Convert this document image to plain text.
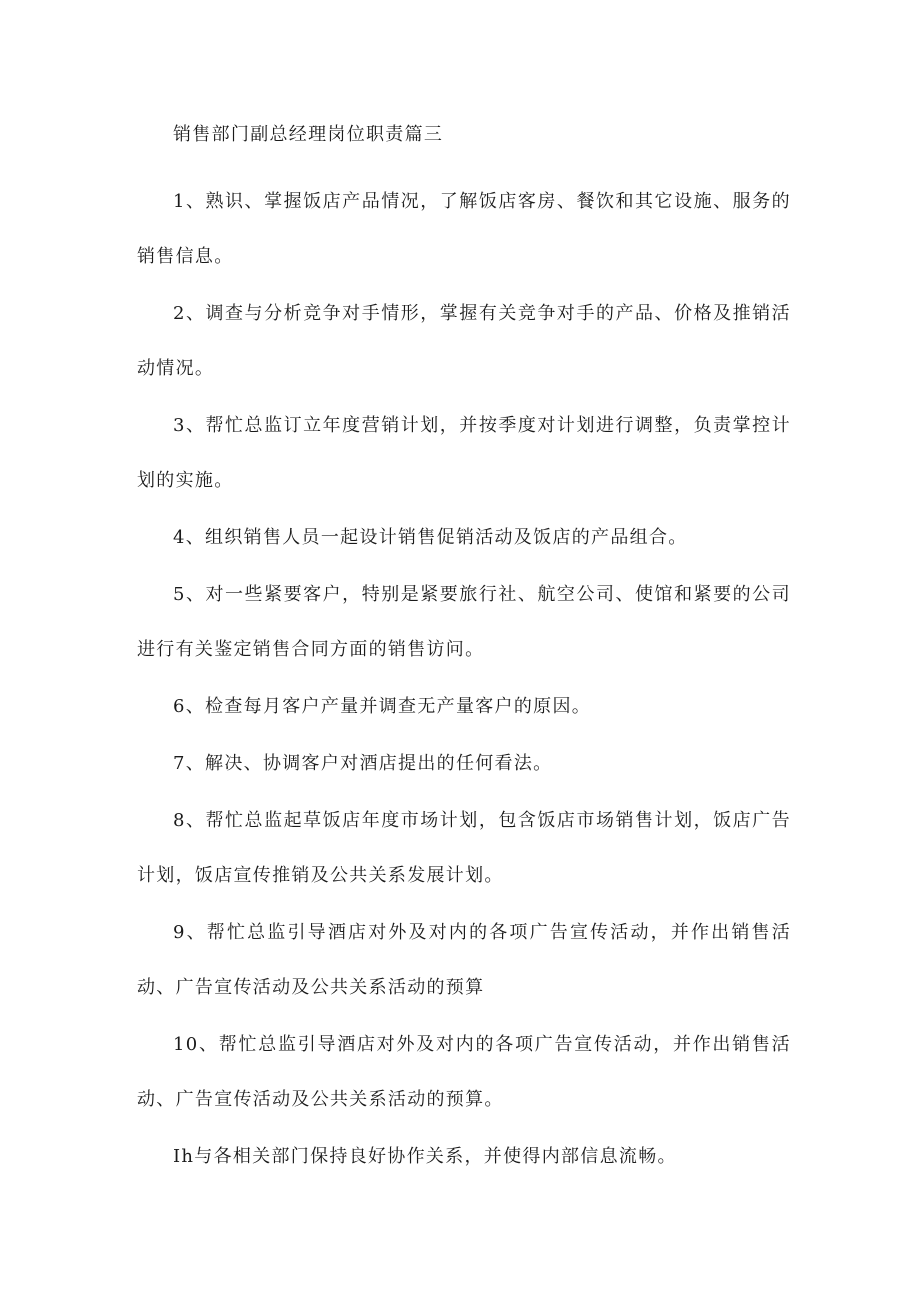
销售部门副总经理岗位职责篇三

1、熟识、掌握饭店产品情况，了解饭店客房、餐饮和其它设施、服务的销售信息。

2、调查与分析竞争对手情形，掌握有关竞争对手的产品、价格及推销活动情况。

3、帮忙总监订立年度营销计划，并按季度对计划进行调整，负责掌控计划的实施。

4、组织销售人员一起设计销售促销活动及饭店的产品组合。

5、对一些紧要客户，特别是紧要旅行社、航空公司、使馆和紧要的公司进行有关鉴定销售合同方面的销售访问。

6、检查每月客户产量并调查无产量客户的原因。

7、解决、协调客户对酒店提出的任何看法。

8、帮忙总监起草饭店年度市场计划，包含饭店市场销售计划，饭店广告计划，饭店宣传推销及公共关系发展计划。

9、帮忙总监引导酒店对外及对内的各项广告宣传活动，并作出销售活动、广告宣传活动及公共关系活动的预算

10、帮忙总监引导酒店对外及对内的各项广告宣传活动，并作出销售活动、广告宣传活动及公共关系活动的预算。

Ih与各相关部门保持良好协作关系，并使得内部信息流畅。
